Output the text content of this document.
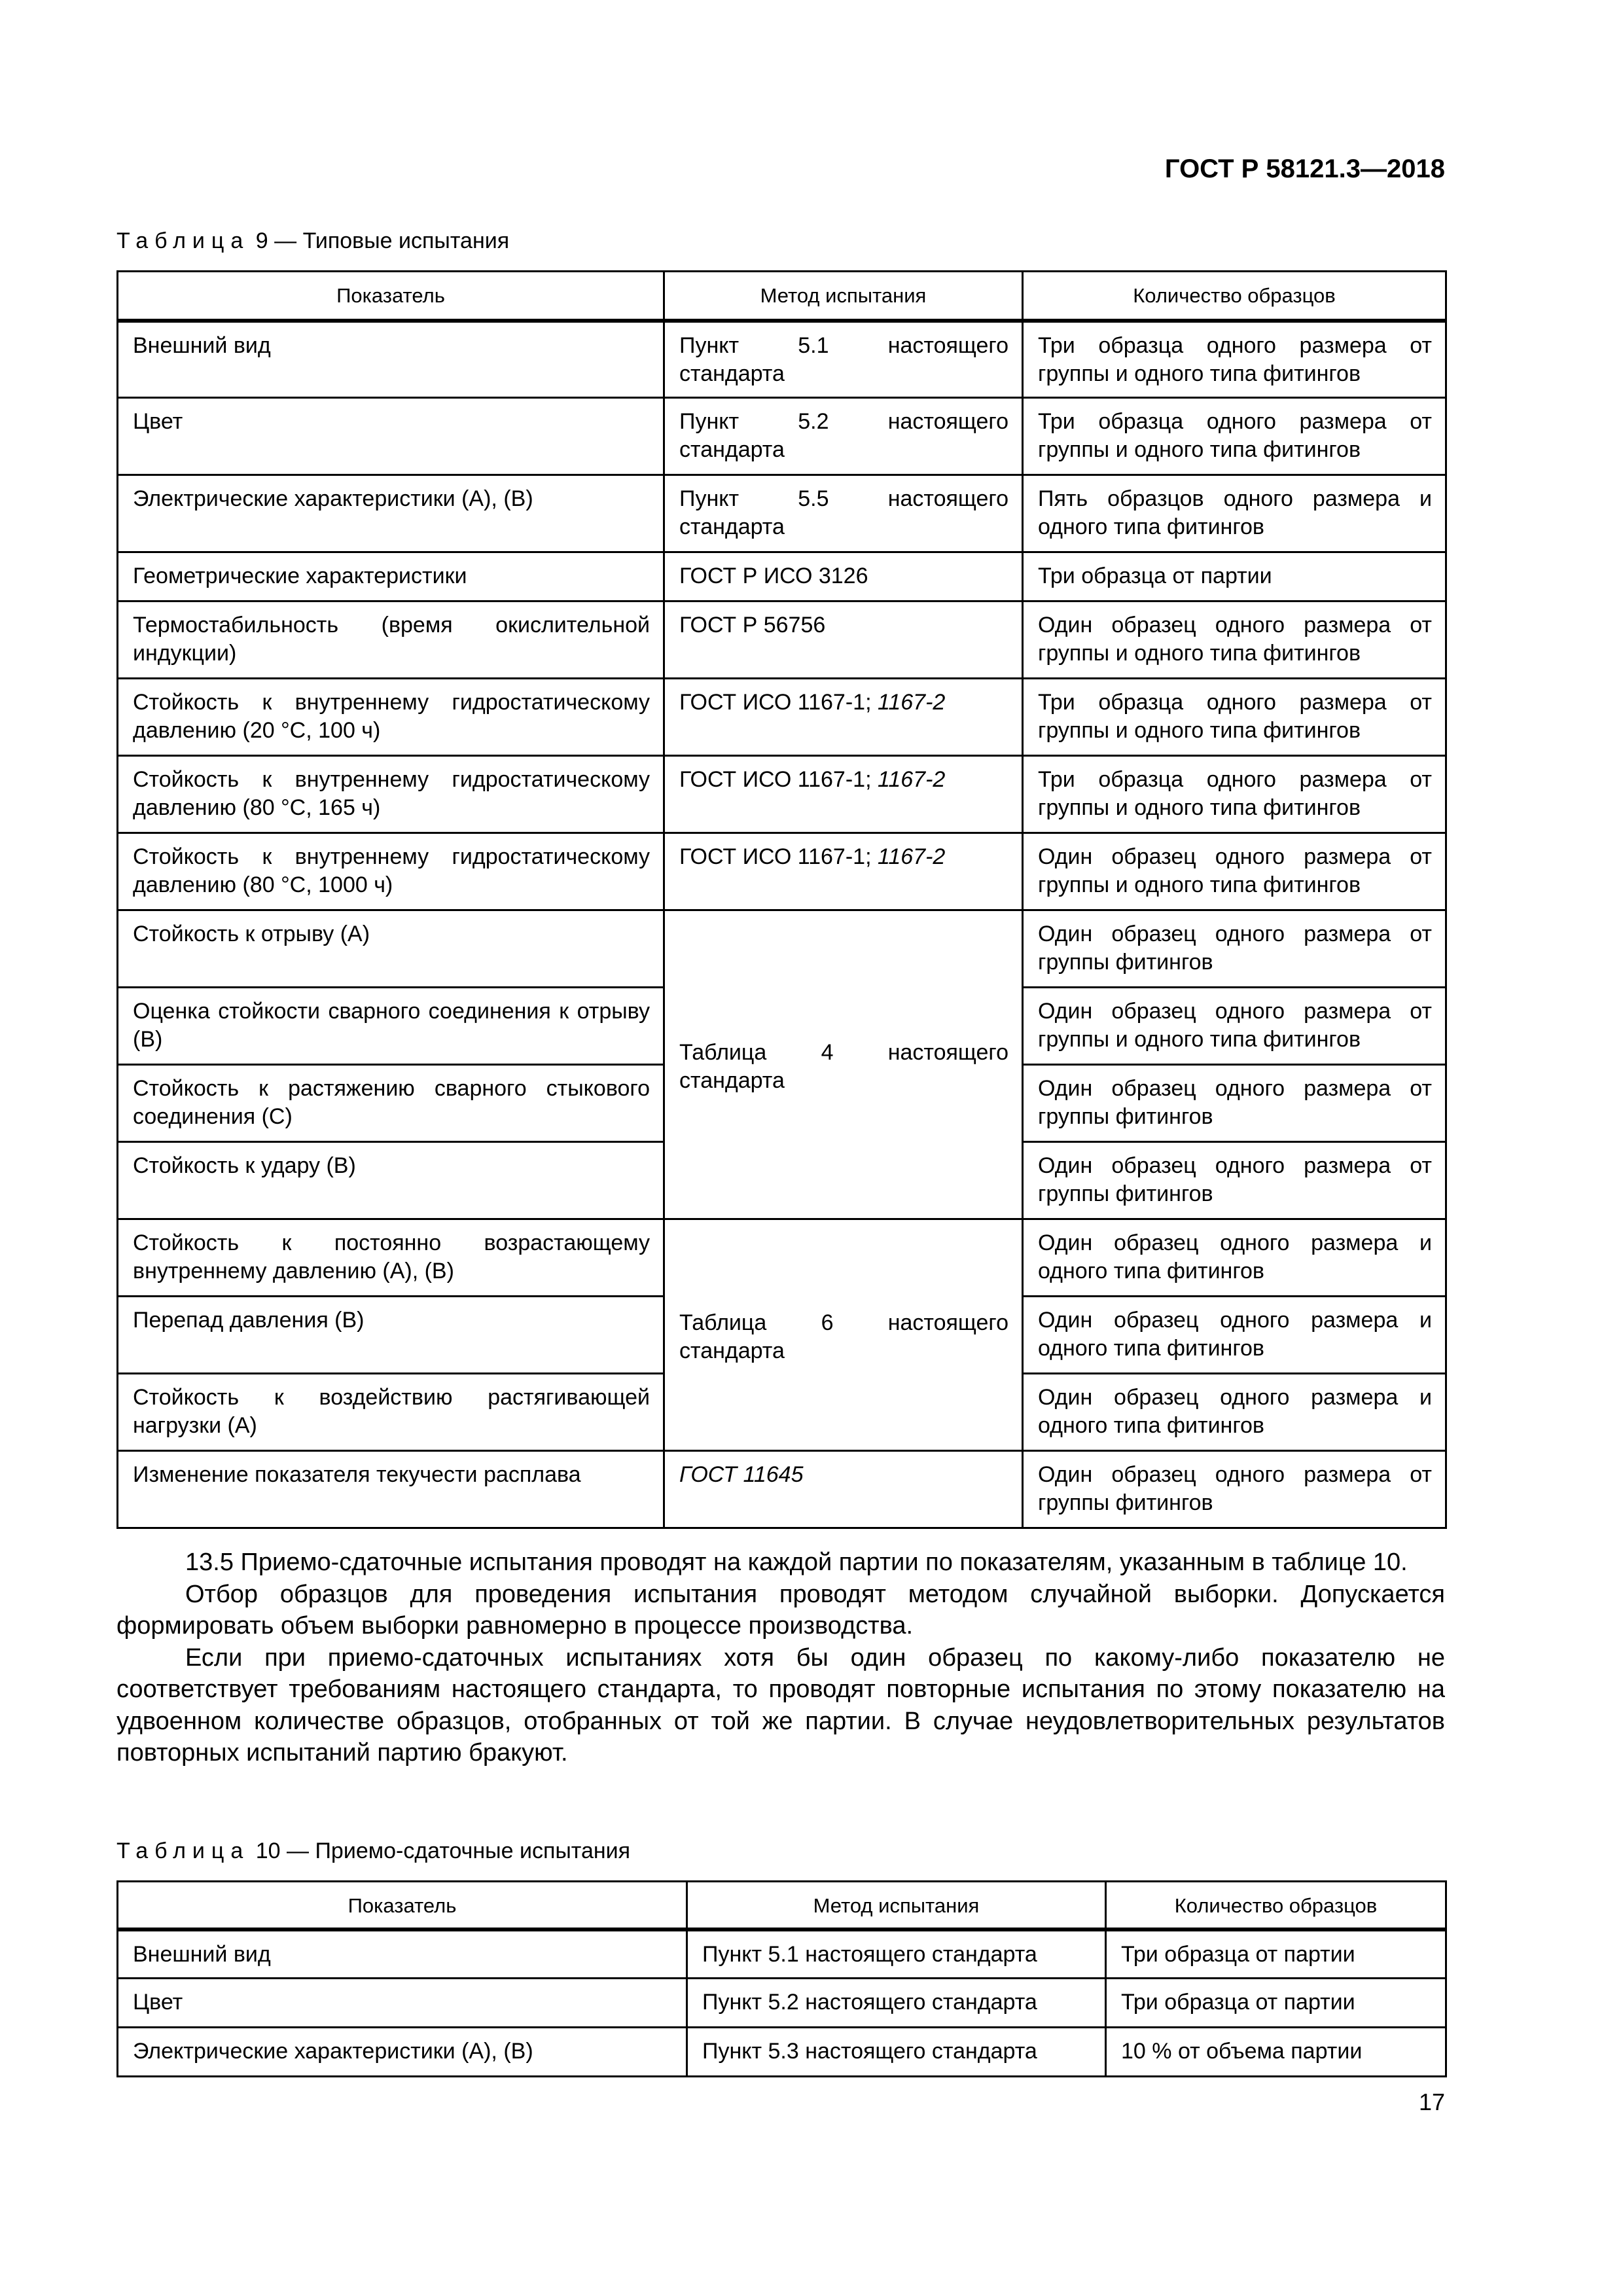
ГОСТ Р 58121.3—2018
Таблица 9 — Типовые испытания
Показатель	Метод испытания	Количество образцов
Внешний вид	Пункт 5.1 настоящего стандарта	Три образца одного размера от группы и одного типа фитингов
Цвет	Пункт 5.2 настоящего стандарта	Три образца одного размера от группы и одного типа фитингов
Электрические характеристики (А), (В)	Пункт 5.5 настоящего стандарта	Пять образцов одного размера и одного типа фитингов
Геометрические характеристики	ГОСТ Р ИСО 3126	Три образца от партии
Термостабильность (время окислительной индукции)	ГОСТ Р 56756	Один образец одного размера от группы и одного типа фитингов
Стойкость к внутреннему гидростатическому давлению (20 °С, 100 ч)	ГОСТ ИСО 1167-1; 1167-2	Три образца одного размера от группы и одного типа фитингов
Стойкость к внутреннему гидростатическому давлению (80 °С, 165 ч)	ГОСТ ИСО 1167-1; 1167-2	Три образца одного размера от группы и одного типа фитингов
Стойкость к внутреннему гидростатическому давлению (80 °С, 1000 ч)	ГОСТ ИСО 1167-1; 1167-2	Один образец одного размера от группы и одного типа фитингов
Стойкость к отрыву (А)	Таблица 4 настоящего стандарта	Один образец одного размера от группы фитингов
Оценка стойкости сварного соединения к отрыву (В)		Один образец одного размера от группы и одного типа фитингов
Стойкость к растяжению сварного стыкового соединения (С)		Один образец одного размера от группы фитингов
Стойкость к удару (В)		Один образец одного размера от группы фитингов
Стойкость к постоянно возрастающему внутреннему давлению (А), (В)	Таблица 6 настоящего стандарта	Один образец одного размера и одного типа фитингов
Перепад давления (В)		Один образец одного размера и одного типа фитингов
Стойкость к воздействию растягивающей нагрузки (А)		Один образец одного размера и одного типа фитингов
Изменение показателя текучести расплава	ГОСТ 11645	Один образец одного размера от группы фитингов

13.5 Приемо-сдаточные испытания проводят на каждой партии по показателям, указанным в таблице 10.

Отбор образцов для проведения испытания проводят методом случайной выборки. Допускается формировать объем выборки равномерно в процессе производства.

Если при приемо-сдаточных испытаниях хотя бы один образец по какому-либо показателю не соответствует требованиям настоящего стандарта, то проводят повторные испытания по этому показателю на удвоенном количестве образцов, отобранных от той же партии. В случае неудовлетворительных результатов повторных испытаний партию бракуют.

Таблица 10 — Приемо-сдаточные испытания
Показатель	Метод испытания	Количество образцов
Внешний вид	Пункт 5.1 настоящего стандарта	Три образца от партии
Цвет	Пункт 5.2 настоящего стандарта	Три образца от партии
Электрические характеристики (А), (В)	Пункт 5.3 настоящего стандарта	10 % от объема партии
17
